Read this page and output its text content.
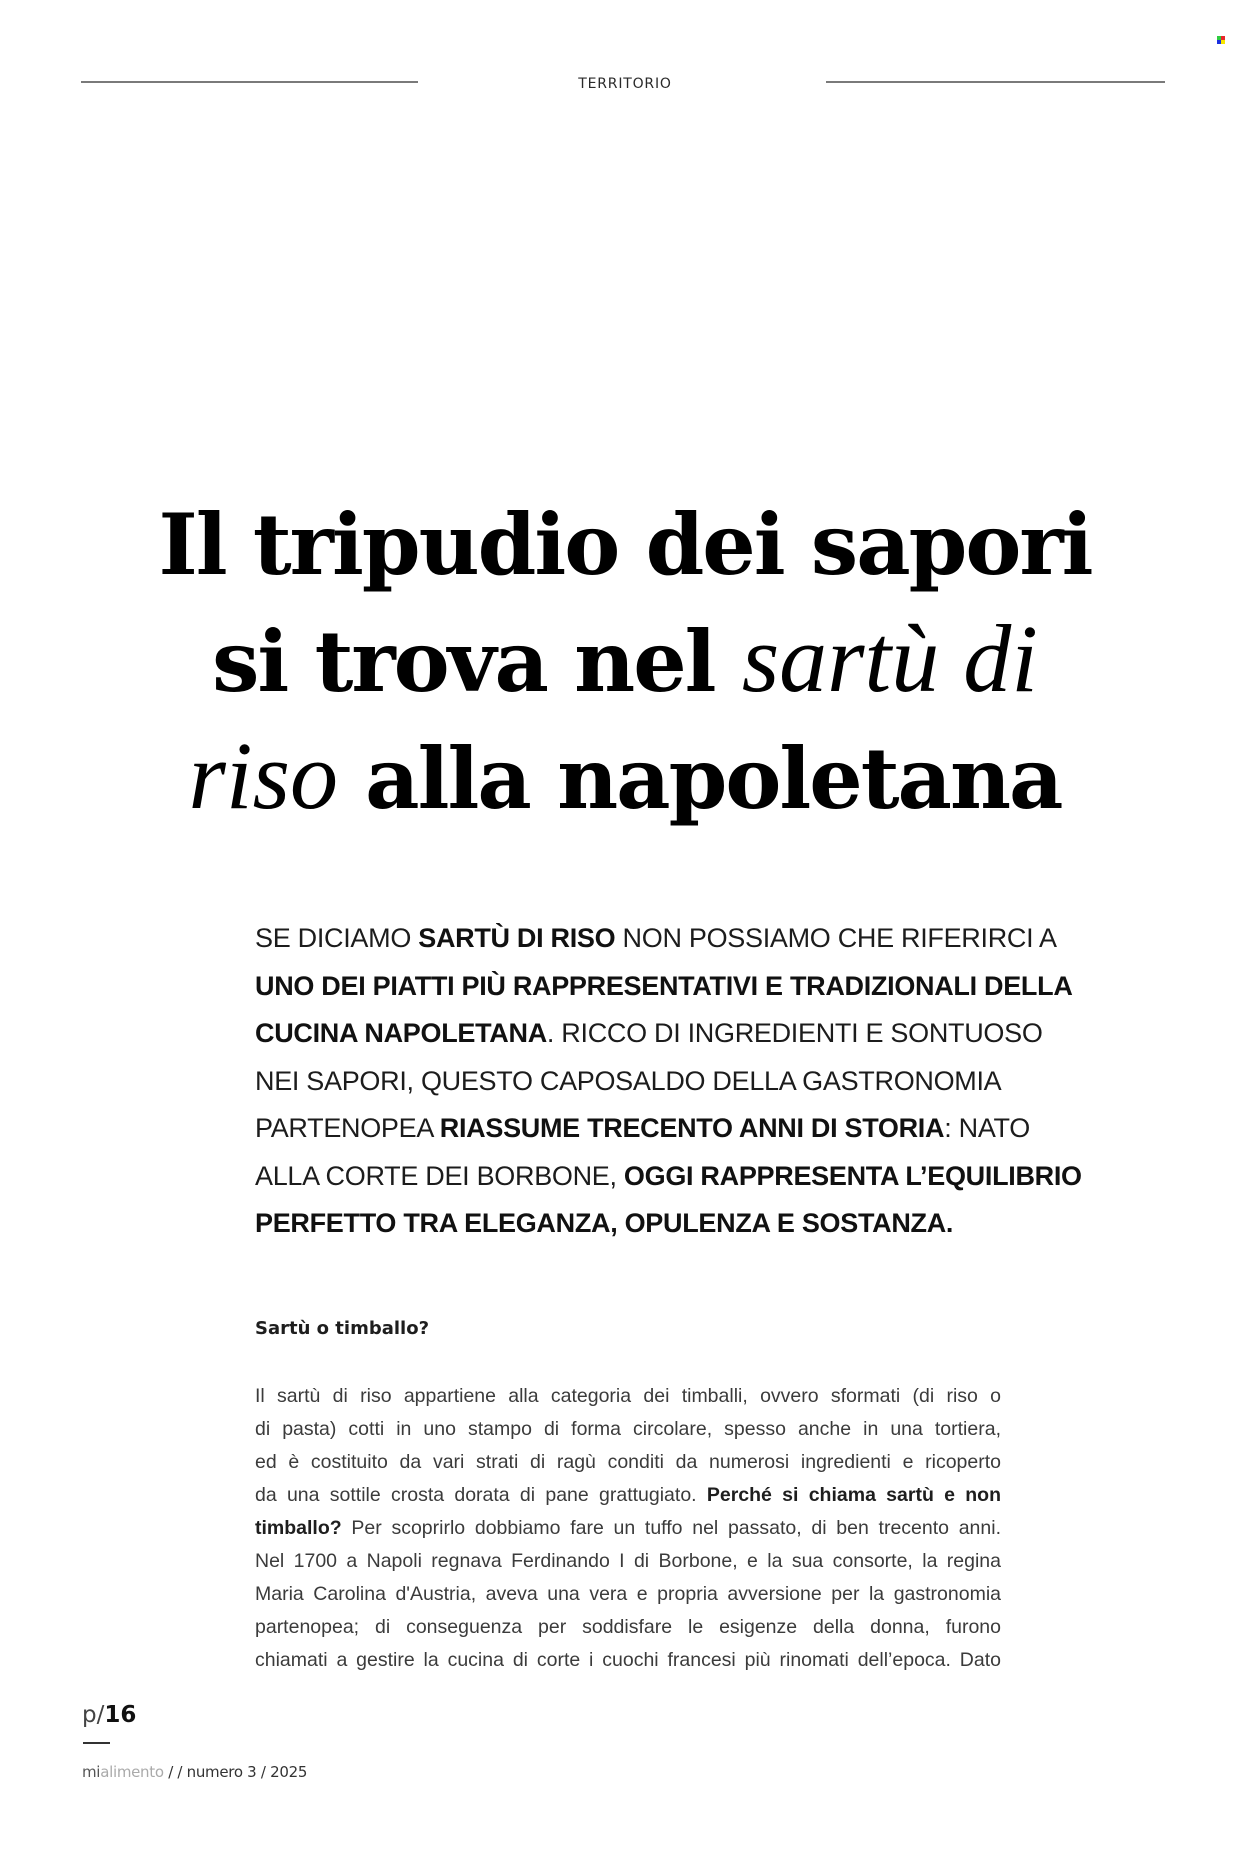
TERRITORIO
Il tripudio dei sapori
si trova nel sartù di
riso alla napoletana

SE DICIAMO SARTÙ DI RISO NON POSSIAMO CHE RIFERIRCI A
UNO DEI PIATTI PIÙ RAPPRESENTATIVI E TRADIZIONALI DELLA
CUCINA NAPOLETANA. RICCO DI INGREDIENTI E SONTUOSO
NEI SAPORI, QUESTO CAPOSALDO DELLA GASTRONOMIA
PARTENOPEA RIASSUME TRECENTO ANNI DI STORIA: NATO
ALLA CORTE DEI BORBONE, OGGI RAPPRESENTA L’EQUILIBRIO
PERFETTO TRA ELEGANZA, OPULENZA E SOSTANZA.

Sartù o timballo?

Il sartù di riso appartiene alla categoria dei timballi, ovvero sformati (di riso o
di pasta) cotti in uno stampo di forma circolare, spesso anche in una tortiera,
ed è costituito da vari strati di ragù conditi da numerosi ingredienti e ricoperto
da una sottile crosta dorata di pane grattugiato. Perché si chiama sartù e non
timballo? Per scoprirlo dobbiamo fare un tuffo nel passato, di ben trecento anni.
Nel 1700 a Napoli regnava Ferdinando I di Borbone, e la sua consorte, la regina
Maria Carolina d'Austria, aveva una vera e propria avversione per la gastronomia
partenopea; di conseguenza per soddisfare le esigenze della donna, furono
chiamati a gestire la cucina di corte i cuochi francesi più rinomati dell’epoca. Dato

p/16
mialimento / / numero 3 / 2025
